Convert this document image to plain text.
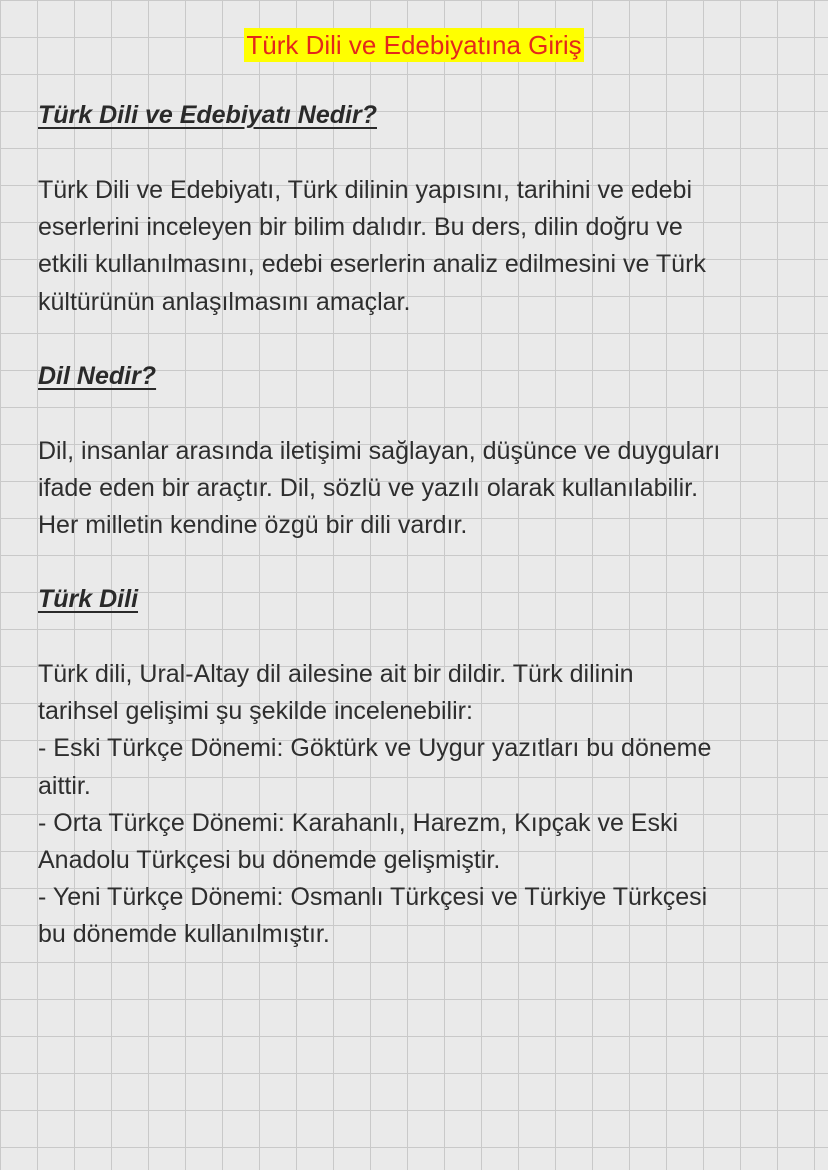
Türk Dili ve Edebiyatına Giriş
Türk Dili ve Edebiyatı Nedir?
Türk Dili ve Edebiyatı, Türk dilinin yapısını, tarihini ve edebi
eserlerini inceleyen bir bilim dalıdır. Bu ders, dilin doğru ve
etkili kullanılmasını, edebi eserlerin analiz edilmesini ve Türk
kültürünün anlaşılmasını amaçlar.
Dil Nedir?
Dil, insanlar arasında iletişimi sağlayan, düşünce ve duyguları
ifade eden bir araçtır. Dil, sözlü ve yazılı olarak kullanılabilir.
Her milletin kendine özgü bir dili vardır.
Türk Dili
Türk dili, Ural-Altay dil ailesine ait bir dildir. Türk dilinin
tarihsel gelişimi şu şekilde incelenebilir:
- Eski Türkçe Dönemi: Göktürk ve Uygur yazıtları bu döneme
aittir.
- Orta Türkçe Dönemi: Karahanlı, Harezm, Kıpçak ve Eski
Anadolu Türkçesi bu dönemde gelişmiştir.
- Yeni Türkçe Dönemi: Osmanlı Türkçesi ve Türkiye Türkçesi
bu dönemde kullanılmıştır.
